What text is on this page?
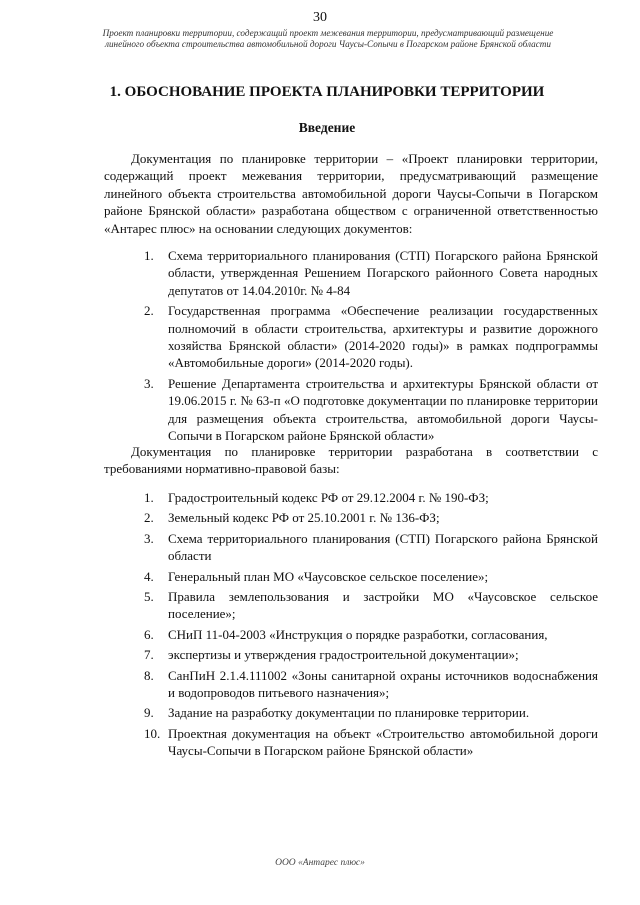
30
Проект планировки территории, содержащий проект межевания территории, предусматривающий размещение линейного объекта строительства автомобильной дороги Чаусы-Сопычи в Погарском районе Брянской области
1. ОБОСНОВАНИЕ ПРОЕКТА ПЛАНИРОВКИ ТЕРРИТОРИИ
Введение

Документация по планировке территории – «Проект планировки территории, содержащий проект межевания территории, предусматривающий размещение линейного объекта строительства автомобильной дороги Чаусы-Сопычи в Погарском районе Брянской области» разработана обществом с ограниченной ответственностью «Антарес плюс» на основании следующих документов:

1. Схема территориального планирования (СТП) Погарского района Брянской области, утвержденная Решением Погарского районного Совета народных депутатов от 14.04.2010г. № 4-84
2. Государственная программа «Обеспечение реализации государственных полномочий в области строительства, архитектуры и развитие дорожного хозяйства Брянской области» (2014-2020 годы)» в рамках подпрограммы «Автомобильные дороги» (2014-2020 годы).
3. Решение Департамента строительства и архитектуры Брянской области от 19.06.2015 г. № 63-п «О подготовке документации по планировке территории для размещения объекта строительства, автомобильной дороги Чаусы-Сопычи в Погарском районе Брянской области»

Документация по планировке территории разработана в соответствии с требованиями нормативно-правовой базы:

1. Градостроительный кодекс РФ от 29.12.2004 г. № 190-ФЗ;
2. Земельный кодекс РФ от 25.10.2001 г. № 136-ФЗ;
3. Схема территориального планирования (СТП) Погарского района Брянской области
4. Генеральный план МО «Чаусовское сельское поселение»;
5. Правила землепользования и застройки МО «Чаусовское сельское поселение»;
6. СНиП 11-04-2003 «Инструкция о порядке разработки, согласования,
7. экспертизы и утверждения градостроительной документации»;
8. СанПиН 2.1.4.111002 «Зоны санитарной охраны источников водоснабжения и водопроводов питьевого назначения»;
9. Задание на разработку документации по планировке территории.
10. Проектная документация на объект «Строительство автомобильной дороги Чаусы-Сопычи в Погарском районе Брянской области»
ООО «Антарес плюс»
